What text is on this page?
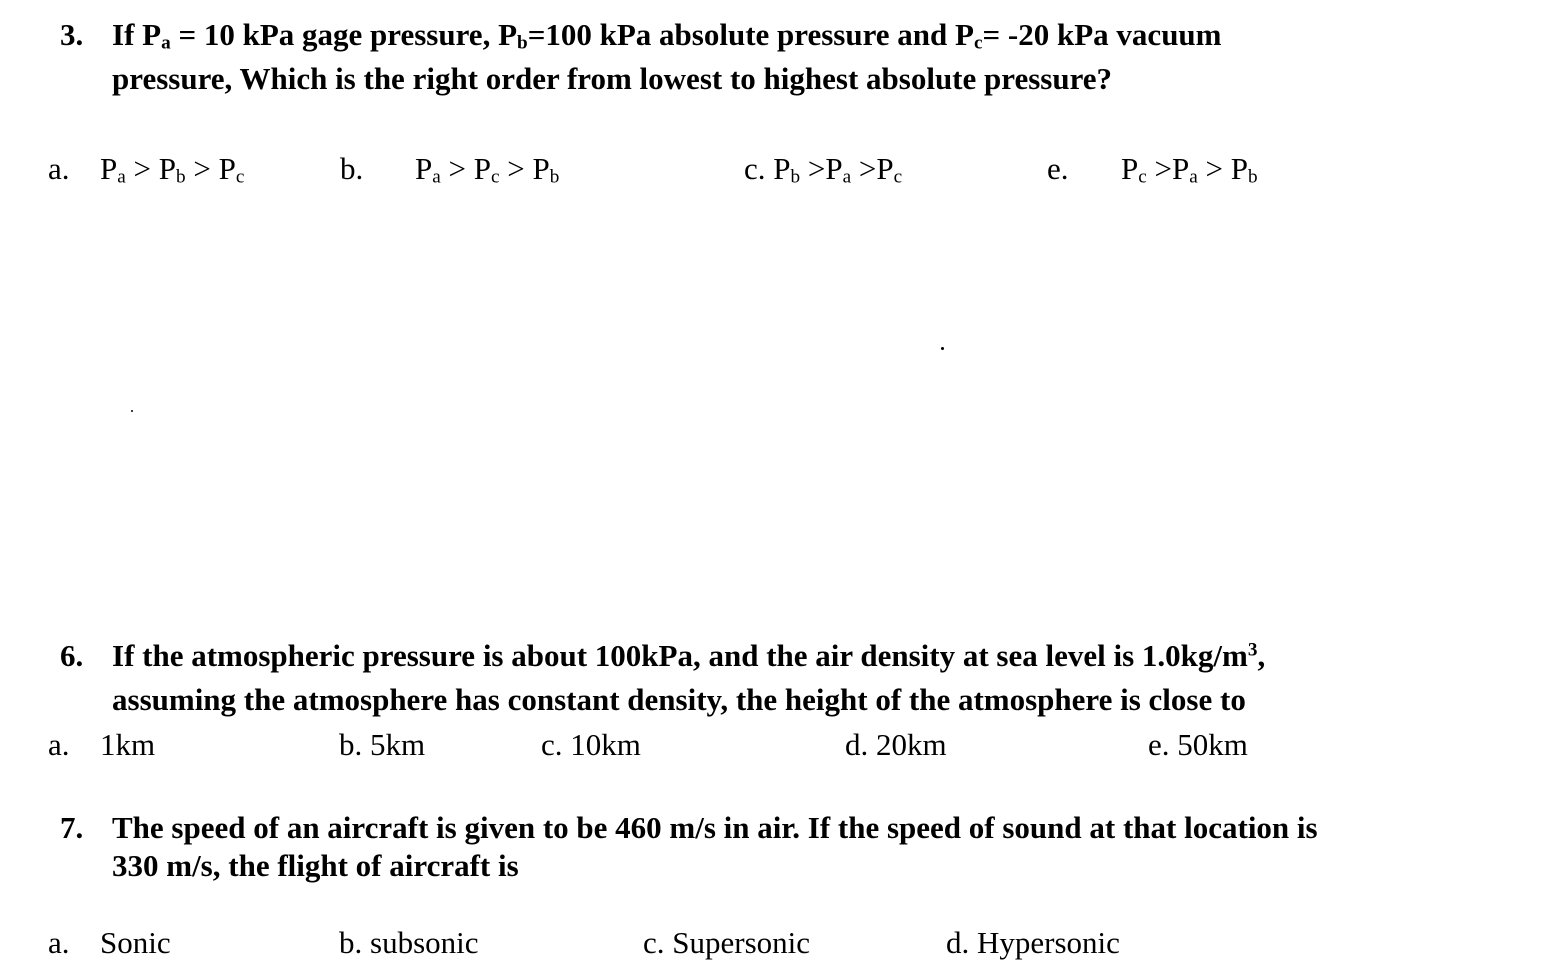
3. If $P_a = 10$ kPa gage pressure, $P_b=100$ kPa absolute pressure and $P_c= -20$ kPa vacuum
pressure, Which is the right order from lowest to highest absolute pressure?
a. $P_a > P_b > P_c$	b. $P_a > P_c > P_b$	c. $P_b >P_a >P_c$	e. $P_c >P_a > P_b$
6. If the atmospheric pressure is about 100kPa, and the air density at sea level is $1.0kg/m^3$,
assuming the atmosphere has constant density, the height of the atmosphere is close to
a. 1km	b. 5km	c. 10km	d. 20km	e. 50km
7. The speed of an aircraft is given to be 460 m/s in air. If the speed of sound at that location is
330 m/s, the flight of aircraft is
a. Sonic	b. subsonic	c. Supersonic	d. Hypersonic
